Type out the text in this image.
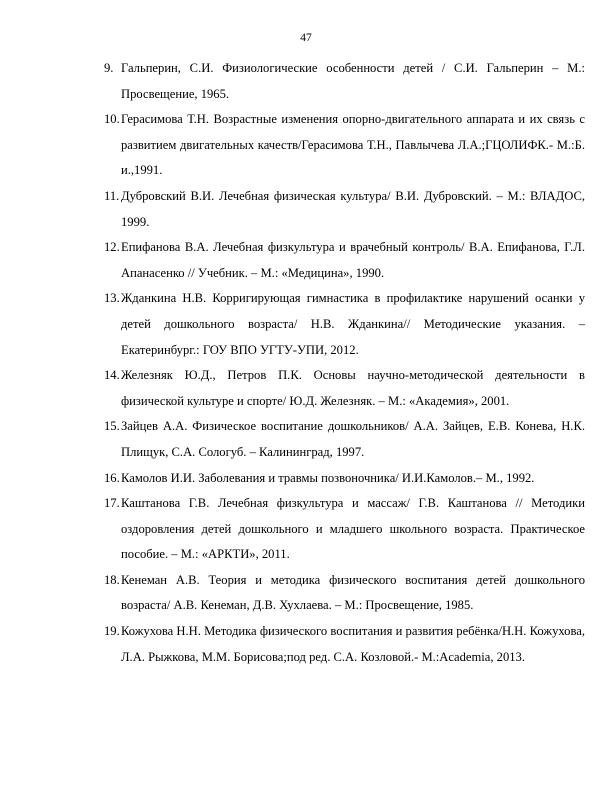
47
9. Гальперин, С.И. Физиологические особенности детей / С.И. Гальперин – М.: Просвещение, 1965.
10. Герасимова Т.Н. Возрастные изменения опорно-двигательного аппарата и их связь с развитием двигательных качеств/Герасимова Т.Н., Павлычева Л.А.;ГЦОЛИФК.- М.:Б. и.,1991.
11. Дубровский В.И. Лечебная физическая культура/ В.И. Дубровский. – М.: ВЛАДОС, 1999.
12. Епифанова В.А. Лечебная физкультура и врачебный контроль/ В.А. Епифанова, Г.Л. Апанасенко // Учебник. – М.: «Медицина», 1990.
13. Жданкина Н.В. Корригирующая гимнастика в профилактике нарушений осанки у детей дошкольного возраста/ Н.В. Жданкина// Методические указания. – Екатеринбург.: ГОУ ВПО УГТУ-УПИ, 2012.
14. Железняк Ю.Д., Петров П.К. Основы научно-методической деятельности в физической культуре и спорте/ Ю.Д. Железняк. – М.: «Академия», 2001.
15. Зайцев А.А. Физическое воспитание дошкольников/ А.А. Зайцев, Е.В. Конева, Н.К. Плищук, С.А. Сологуб. – Калининград, 1997.
16. Камолов И.И. Заболевания и травмы позвоночника/ И.И.Камолов.– М., 1992.
17. Каштанова Г.В. Лечебная физкультура и массаж/ Г.В. Каштанова // Методики оздоровления детей дошкольного и младшего школьного возраста. Практическое пособие. – М.: «АРКТИ», 2011.
18. Кенеман А.В. Теория и методика физического воспитания детей дошкольного возраста/ А.В. Кенеман, Д.В. Хухлаева. – М.: Просвещение, 1985.
19. Кожухова Н.Н. Методика физического воспитания и развития ребёнка/Н.Н. Кожухова, Л.А. Рыжкова, М.М. Борисова;под ред. С.А. Козловой.- М.:Academia, 2013.
